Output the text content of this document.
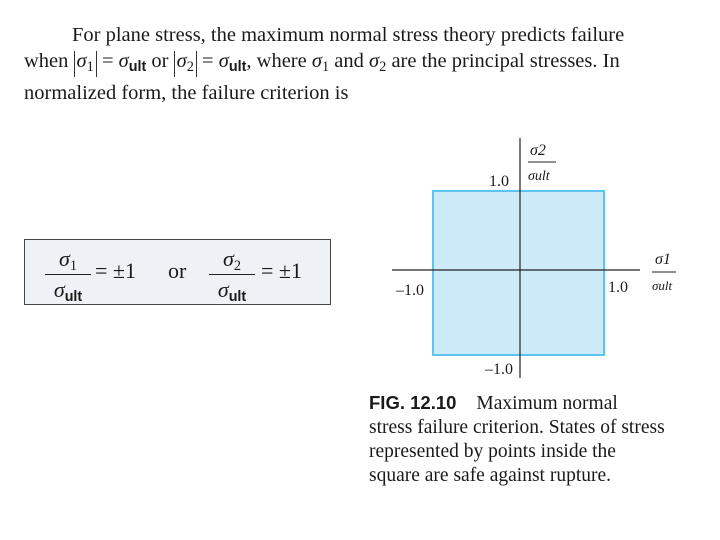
For plane stress, the maximum normal stress theory predicts failure
when $\sigma_1 = \sigma ult$ or $\sigma_2 = \sigma ult$, where $\sigma_1$ and $\sigma_2$ are the principal stresses. In
normalized form, the failure criterion is

σ1
σult
= ±1 or	σ2
σult
= ±1
σ2
σult
σ1
σult
1.0
–1.0
1.0
–1.0

FIG. 12.10 Maximum normal
stress failure criterion. States of stress
represented by points inside the
square are safe against rupture.
